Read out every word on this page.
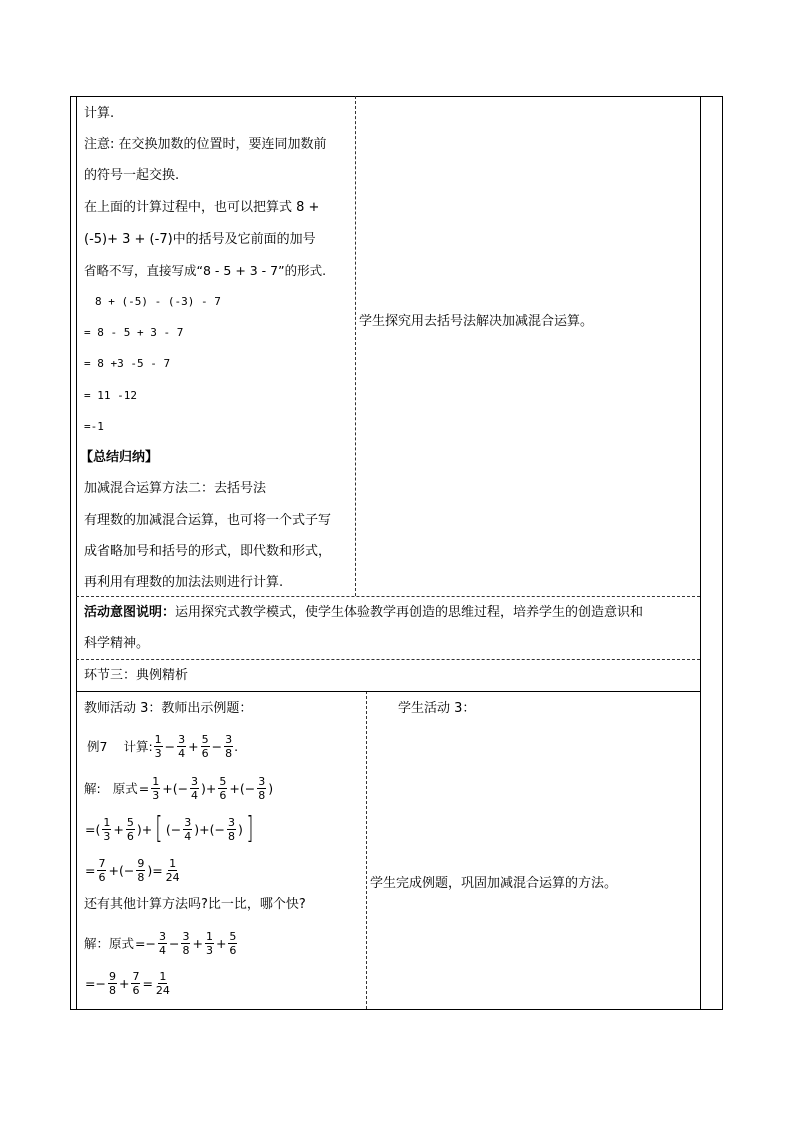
计算.
注意: 在交换加数的位置时，要连同加数前
的符号一起交换.
在上面的计算过程中，也可以把算式 8 +
(-5)+ 3 + (-7)中的括号及它前面的加号
省略不写，直接写成“8 - 5 + 3 - 7”的形式.
8 + (-5) - (-3) - 7
= 8 - 5 + 3 - 7
= 8 +3 -5 - 7
= 11 -12
=-1
【总结归纳】
加减混合运算方法二：去括号法
有理数的加减混合运算，也可将一个式子写
成省略加号和括号的形式，即代数和形式，
再利用有理数的加法法则进行计算.
学生探究用去括号法解决加减混合运算。
活动意图说明：运用探究式教学模式，使学生体验教学再创造的思维过程，培养学生的创造意识和
科学精神。
环节三：典例精析
教师活动 3：教师出示例题：	学生活动 3：
例7 计算: $\frac{1}{3} - \frac{3}{4} + \frac{5}{6} - \frac{3}{8}$ .
解: 原式 = $\frac{1}{3}$ +(− $\frac{3}{4}$ )+ $\frac{5}{6}$ +(− $\frac{3}{8}$ )
=( $\frac{1}{3} + \frac{5}{6}$ )+ [ (− $\frac{3}{4}$ )+(− $\frac{3}{8}$ ) ]
= $\frac{7}{6}$ +(− $\frac{9}{8}$ )= $\frac{1}{24}$
还有其他计算方法吗?比一比，哪个快?
解：原式 =− $\frac{3}{4} - \frac{3}{8} + \frac{1}{3} + \frac{5}{6}$
=− $\frac{9}{8} + \frac{7}{6} = \frac{1}{24}$
学生完成例题，巩固加减混合运算的方法。
